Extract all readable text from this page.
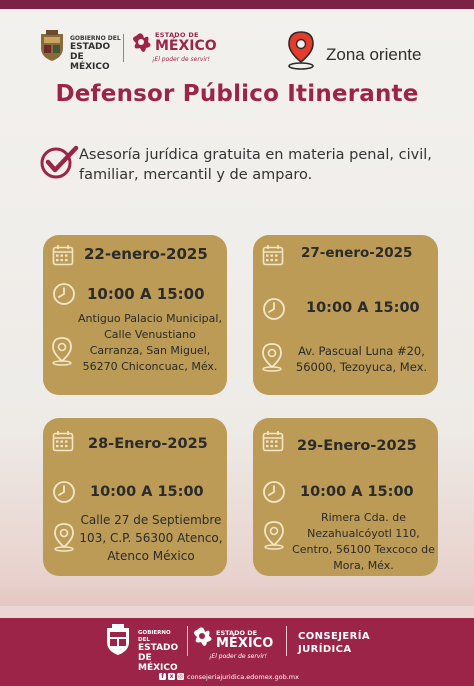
GOBIERNO DEL
ESTADO DE
MÉXICO
ESTADO DE
MÉXICO
¡El poder de servir!	Zona oriente
Defensor Público Itinerante
Asesoría jurídica gratuita en materia penal, civil, familiar, mercantil y de amparo.
22-enero-2025
10:00 A 15:00
Antiguo Palacio Municipal, Calle Venustiano Carranza, San Miguel, 56270 Chiconcuac, Méx.
27-enero-2025
10:00 A 15:00
Av. Pascual Luna #20, 56000, Tezoyuca, Mex.
28-Enero-2025
10:00 A 15:00
Calle 27 de Septiembre 103, C.P. 56300 Atenco, Atenco México
29-Enero-2025
10:00 A 15:00
Rimera Cda. de Nezahualcóyotl 110, Centro, 56100 Texcoco de Mora, Méx.
GOBIERNO DEL
ESTADO DE
MÉXICO
ESTADO DE
MÉXICO
¡El poder de servir!
CONSEJERÍA
JURÍDICA
f x ◎ consejeriajuridica.edomex.gob.mx
